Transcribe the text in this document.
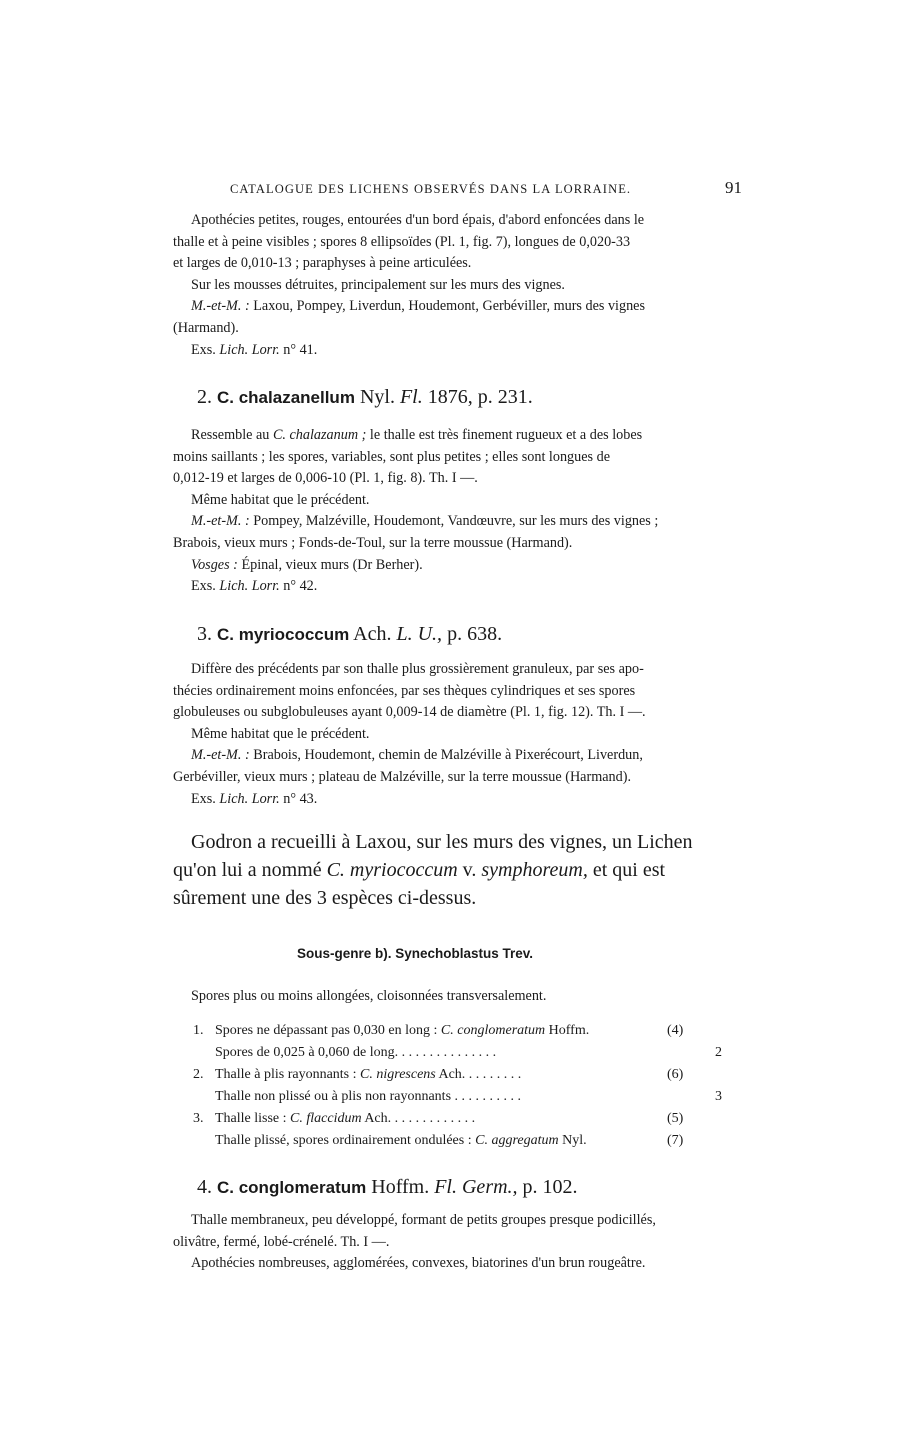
CATALOGUE DES LICHENS OBSERVÉS DANS LA LORRAINE.	91

Apothécies petites, rouges, entourées d'un bord épais, d'abord enfoncées dans le

thalle et à peine visibles ; spores 8 ellipsoïdes (Pl. 1, fig. 7), longues de 0,020-33

et larges de 0,010-13 ; paraphyses à peine articulées.

Sur les mousses détruites, principalement sur les murs des vignes.

M.-et-M. : Laxou, Pompey, Liverdun, Houdemont, Gerbéviller, murs des vignes

(Harmand).

Exs. Lich. Lorr. n° 41.

2. C. chalazanellum Nyl. Fl. 1876, p. 231.

Ressemble au C. chalazanum ; le thalle est très finement rugueux et a des lobes

moins saillants ; les spores, variables, sont plus petites ; elles sont longues de

0,012-19 et larges de 0,006-10 (Pl. 1, fig. 8). Th. I —.

Même habitat que le précédent.

M.-et-M. : Pompey, Malzéville, Houdemont, Vandœuvre, sur les murs des vignes ;

Brabois, vieux murs ; Fonds-de-Toul, sur la terre moussue (Harmand).

Vosges : Épinal, vieux murs (Dr Berher).

Exs. Lich. Lorr. n° 42.

3. C. myriococcum Ach. L. U., p. 638.

Diffère des précédents par son thalle plus grossièrement granuleux, par ses apo-

thécies ordinairement moins enfoncées, par ses thèques cylindriques et ses spores

globuleuses ou subglobuleuses ayant 0,009-14 de diamètre (Pl. 1, fig. 12). Th. I —.

Même habitat que le précédent.

M.-et-M. : Brabois, Houdemont, chemin de Malzéville à Pixerécourt, Liverdun,

Gerbéviller, vieux murs ; plateau de Malzéville, sur la terre moussue (Harmand).

Exs. Lich. Lorr. n° 43.

Godron a recueilli à Laxou, sur les murs des vignes, un Lichen

qu'on lui a nommé C. myriococcum v. symphoreum, et qui est

sûrement une des 3 espèces ci-dessus.

Sous-genre b). Synechoblastus Trev.

Spores plus ou moins allongées, cloisonnées transversalement.

1. Spores ne dépassant pas 0,030 en long : C. conglomeratum Hoffm.	(4)
Spores de 0,025 à 0,060 de long. . . . . . . . . . . . . . .	2
2. Thalle à plis rayonnants : C. nigrescens Ach. . . . . . . . .	(6)
Thalle non plissé ou à plis non rayonnants . . . . . . . . . .	3
3. Thalle lisse : C. flaccidum Ach. . . . . . . . . . . . .	(5)
Thalle plissé, spores ordinairement ondulées : C. aggregatum Nyl.	(7)
4. C. conglomeratum Hoffm. Fl. Germ., p. 102.

Thalle membraneux, peu développé, formant de petits groupes presque podicillés,

olivâtre, fermé, lobé-crénelé. Th. I —.

Apothécies nombreuses, agglomérées, convexes, biatorines d'un brun rougeâtre.
